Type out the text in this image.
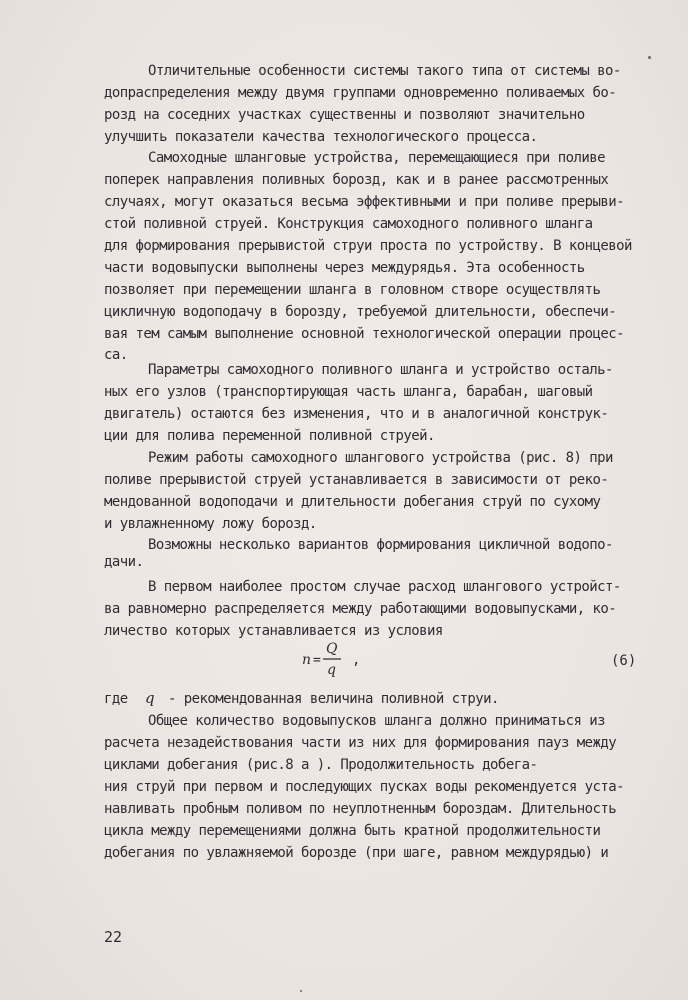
Отличительные особенности системы такого типа от системы во-
допраспределения между двумя группами одновременно поливаемых бо-
розд на соседних участках существенны и позволяют значительно
улучшить показатели качества технологического процесса.
Самоходные шланговые устройства, перемещающиеся при поливе
поперек направления поливных борозд, как и в ранее рассмотренных
случаях, могут оказаться весьма эффективными и при поливе прерыви-
стой поливной струей. Конструкция самоходного поливного шланга
для формирования прерывистой струи проста по устройству. В концевой
части водовыпуски выполнены через междурядья. Эта особенность
позволяет при перемещении шланга в головном створе осуществлять
цикличную водоподачу в борозду, требуемой длительности, обеспечи-
вая тем самым выполнение основной технологической операции процес-
са.
Параметры самоходного поливного шланга и устройство осталь-
ных его узлов (транспортирующая часть шланга, барабан, шаговый
двигатель) остаются без изменения, что и в аналогичной конструк-
ции для полива переменной поливной струей.
Режим работы самоходного шлангового устройства (рис. 8) при
поливе прерывистой струей устанавливается в зависимости от реко-
мендованной водоподачи и длительности добегания струй по сухому
и увлажненному ложу борозд.
Возможны несколько вариантов формирования цикличной водопо-
дачи.
В первом наиболее простом случае расход шлангового устройст-
ва равномерно распределяется между работающими водовыпусками, ко-
личество которых устанавливается из условия
n =
Q
q
,	(6)
где	q - рекомендованная величина поливной струи.
Общее количество водовыпусков шланга должно приниматься из
расчета незадействования части из них для формирования пауз между
циклами добегания (рис.8 а ). Продолжительность добега-
ния струй при первом и последующих пусках воды рекомендуется уста-
навливать пробным поливом по неуплотненным бороздам. Длительность
цикла между перемещениями должна быть кратной продолжительности
добегания по увлажняемой борозде (при шаге, равном междурядью) и
22
